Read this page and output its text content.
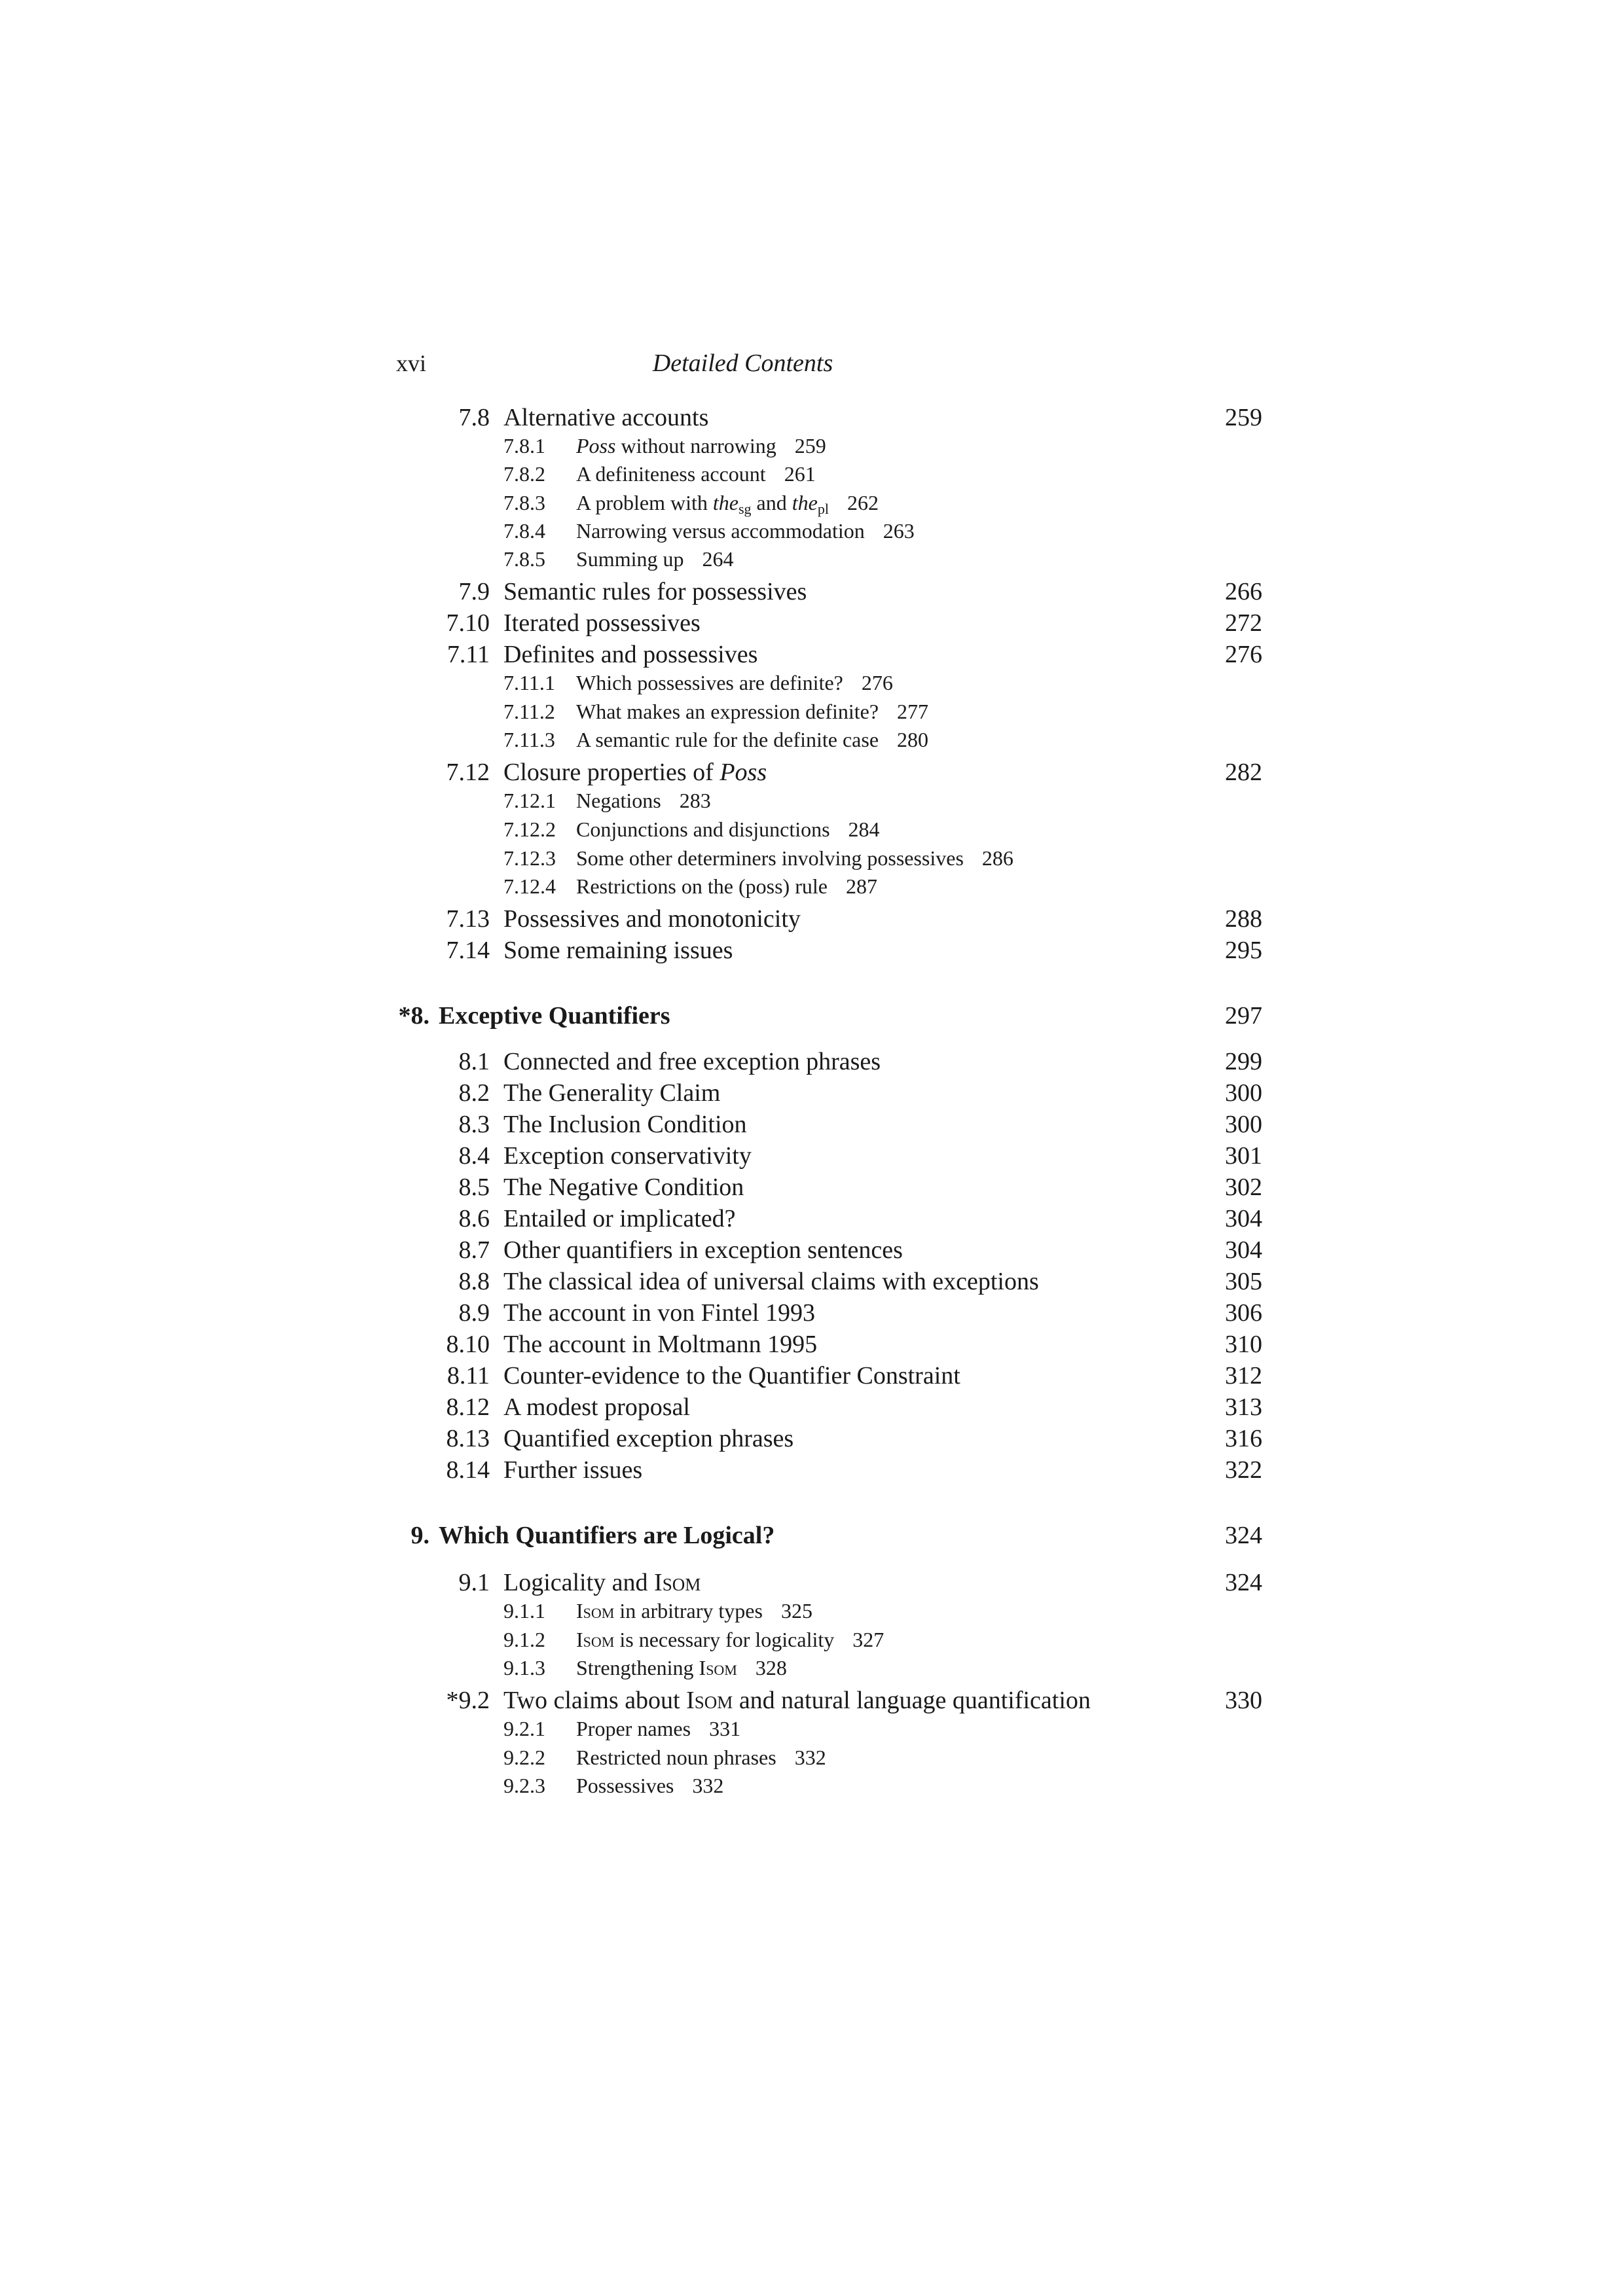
xvi	Detailed Contents
7.8 Alternative accounts	259
7.8.1 Poss without narrowing 259
7.8.2 A definiteness account 261
7.8.3 A problem with the$_{sg}$ and the$_{pl}$ 262
7.8.4 Narrowing versus accommodation 263
7.8.5 Summing up 264
7.9 Semantic rules for possessives	266
7.10 Iterated possessives	272
7.11 Definites and possessives	276
7.11.1 Which possessives are definite? 276
7.11.2 What makes an expression definite? 277
7.11.3 A semantic rule for the definite case 280
7.12 Closure properties of Poss	282
7.12.1 Negations 283
7.12.2 Conjunctions and disjunctions 284
7.12.3 Some other determiners involving possessives 286
7.12.4 Restrictions on the (poss) rule 287
7.13 Possessives and monotonicity	288
7.14 Some remaining issues	295
*8. Exceptive Quantifiers	297
8.1 Connected and free exception phrases	299
8.2 The Generality Claim	300
8.3 The Inclusion Condition	300
8.4 Exception conservativity	301
8.5 The Negative Condition	302
8.6 Entailed or implicated?	304
8.7 Other quantifiers in exception sentences	304
8.8 The classical idea of universal claims with exceptions	305
8.9 The account in von Fintel 1993	306
8.10 The account in Moltmann 1995	310
8.11 Counter-evidence to the Quantifier Constraint	312
8.12 A modest proposal	313
8.13 Quantified exception phrases	316
8.14 Further issues	322
9. Which Quantifiers are Logical?	324
9.1 Logicality and Isom	324
9.1.1 Isom in arbitrary types 325
9.1.2 Isom is necessary for logicality 327
9.1.3 Strengthening Isom 328
*9.2 Two claims about Isom and natural language quantification	330
9.2.1 Proper names 331
9.2.2 Restricted noun phrases 332
9.2.3 Possessives 332
